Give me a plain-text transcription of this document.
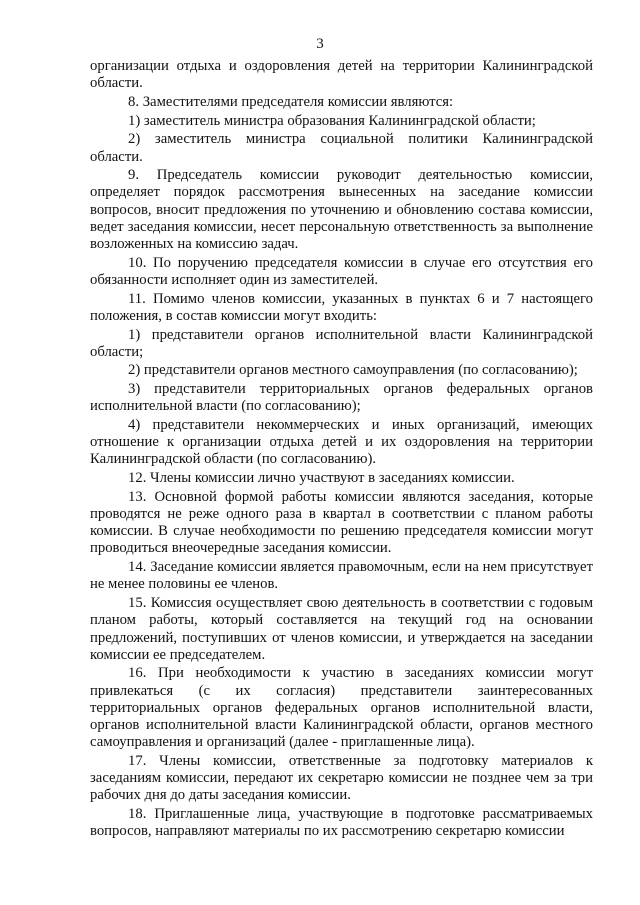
3

организации отдыха и оздоровления детей на территории Калининградской области.

8. Заместителями председателя комиссии являются:

1) заместитель министра образования Калининградской области;

2) заместитель министра социальной политики Калининградской области.

9. Председатель комиссии руководит деятельностью комиссии, определяет порядок рассмотрения вынесенных на заседание комиссии вопросов, вносит предложения по уточнению и обновлению состава комиссии, ведет заседания комиссии, несет персональную ответственность за выполнение возложенных на комиссию задач.

10. По поручению председателя комиссии в случае его отсутствия его обязанности исполняет один из заместителей.

11. Помимо членов комиссии, указанных в пунктах 6 и 7 настоящего положения, в состав комиссии могут входить:

1) представители органов исполнительной власти Калининградской области;

2) представители органов местного самоуправления (по согласованию);

3) представители территориальных органов федеральных органов исполнительной власти (по согласованию);

4) представители некоммерческих и иных организаций, имеющих отношение к организации отдыха детей и их оздоровления на территории Калининградской области (по согласованию).

12. Члены комиссии лично участвуют в заседаниях комиссии.

13. Основной формой работы комиссии являются заседания, которые проводятся не реже одного раза в квартал в соответствии с планом работы комиссии. В случае необходимости по решению председателя комиссии могут проводиться внеочередные заседания комиссии.

14. Заседание комиссии является правомочным, если на нем присутствует не менее половины ее членов.

15. Комиссия осуществляет свою деятельность в соответствии с годовым планом работы, который составляется на текущий год на основании предложений, поступивших от членов комиссии, и утверждается на заседании комиссии ее председателем.

16. При необходимости к участию в заседаниях комиссии могут привлекаться (с их согласия) представители заинтересованных территориальных органов федеральных органов исполнительной власти, органов исполнительной власти Калининградской области, органов местного самоуправления и организаций (далее - приглашенные лица).

17. Члены комиссии, ответственные за подготовку материалов к заседаниям комиссии, передают их секретарю комиссии не позднее чем за три рабочих дня до даты заседания комиссии.

18. Приглашенные лица, участвующие в подготовке рассматриваемых вопросов, направляют материалы по их рассмотрению секретарю комиссии
